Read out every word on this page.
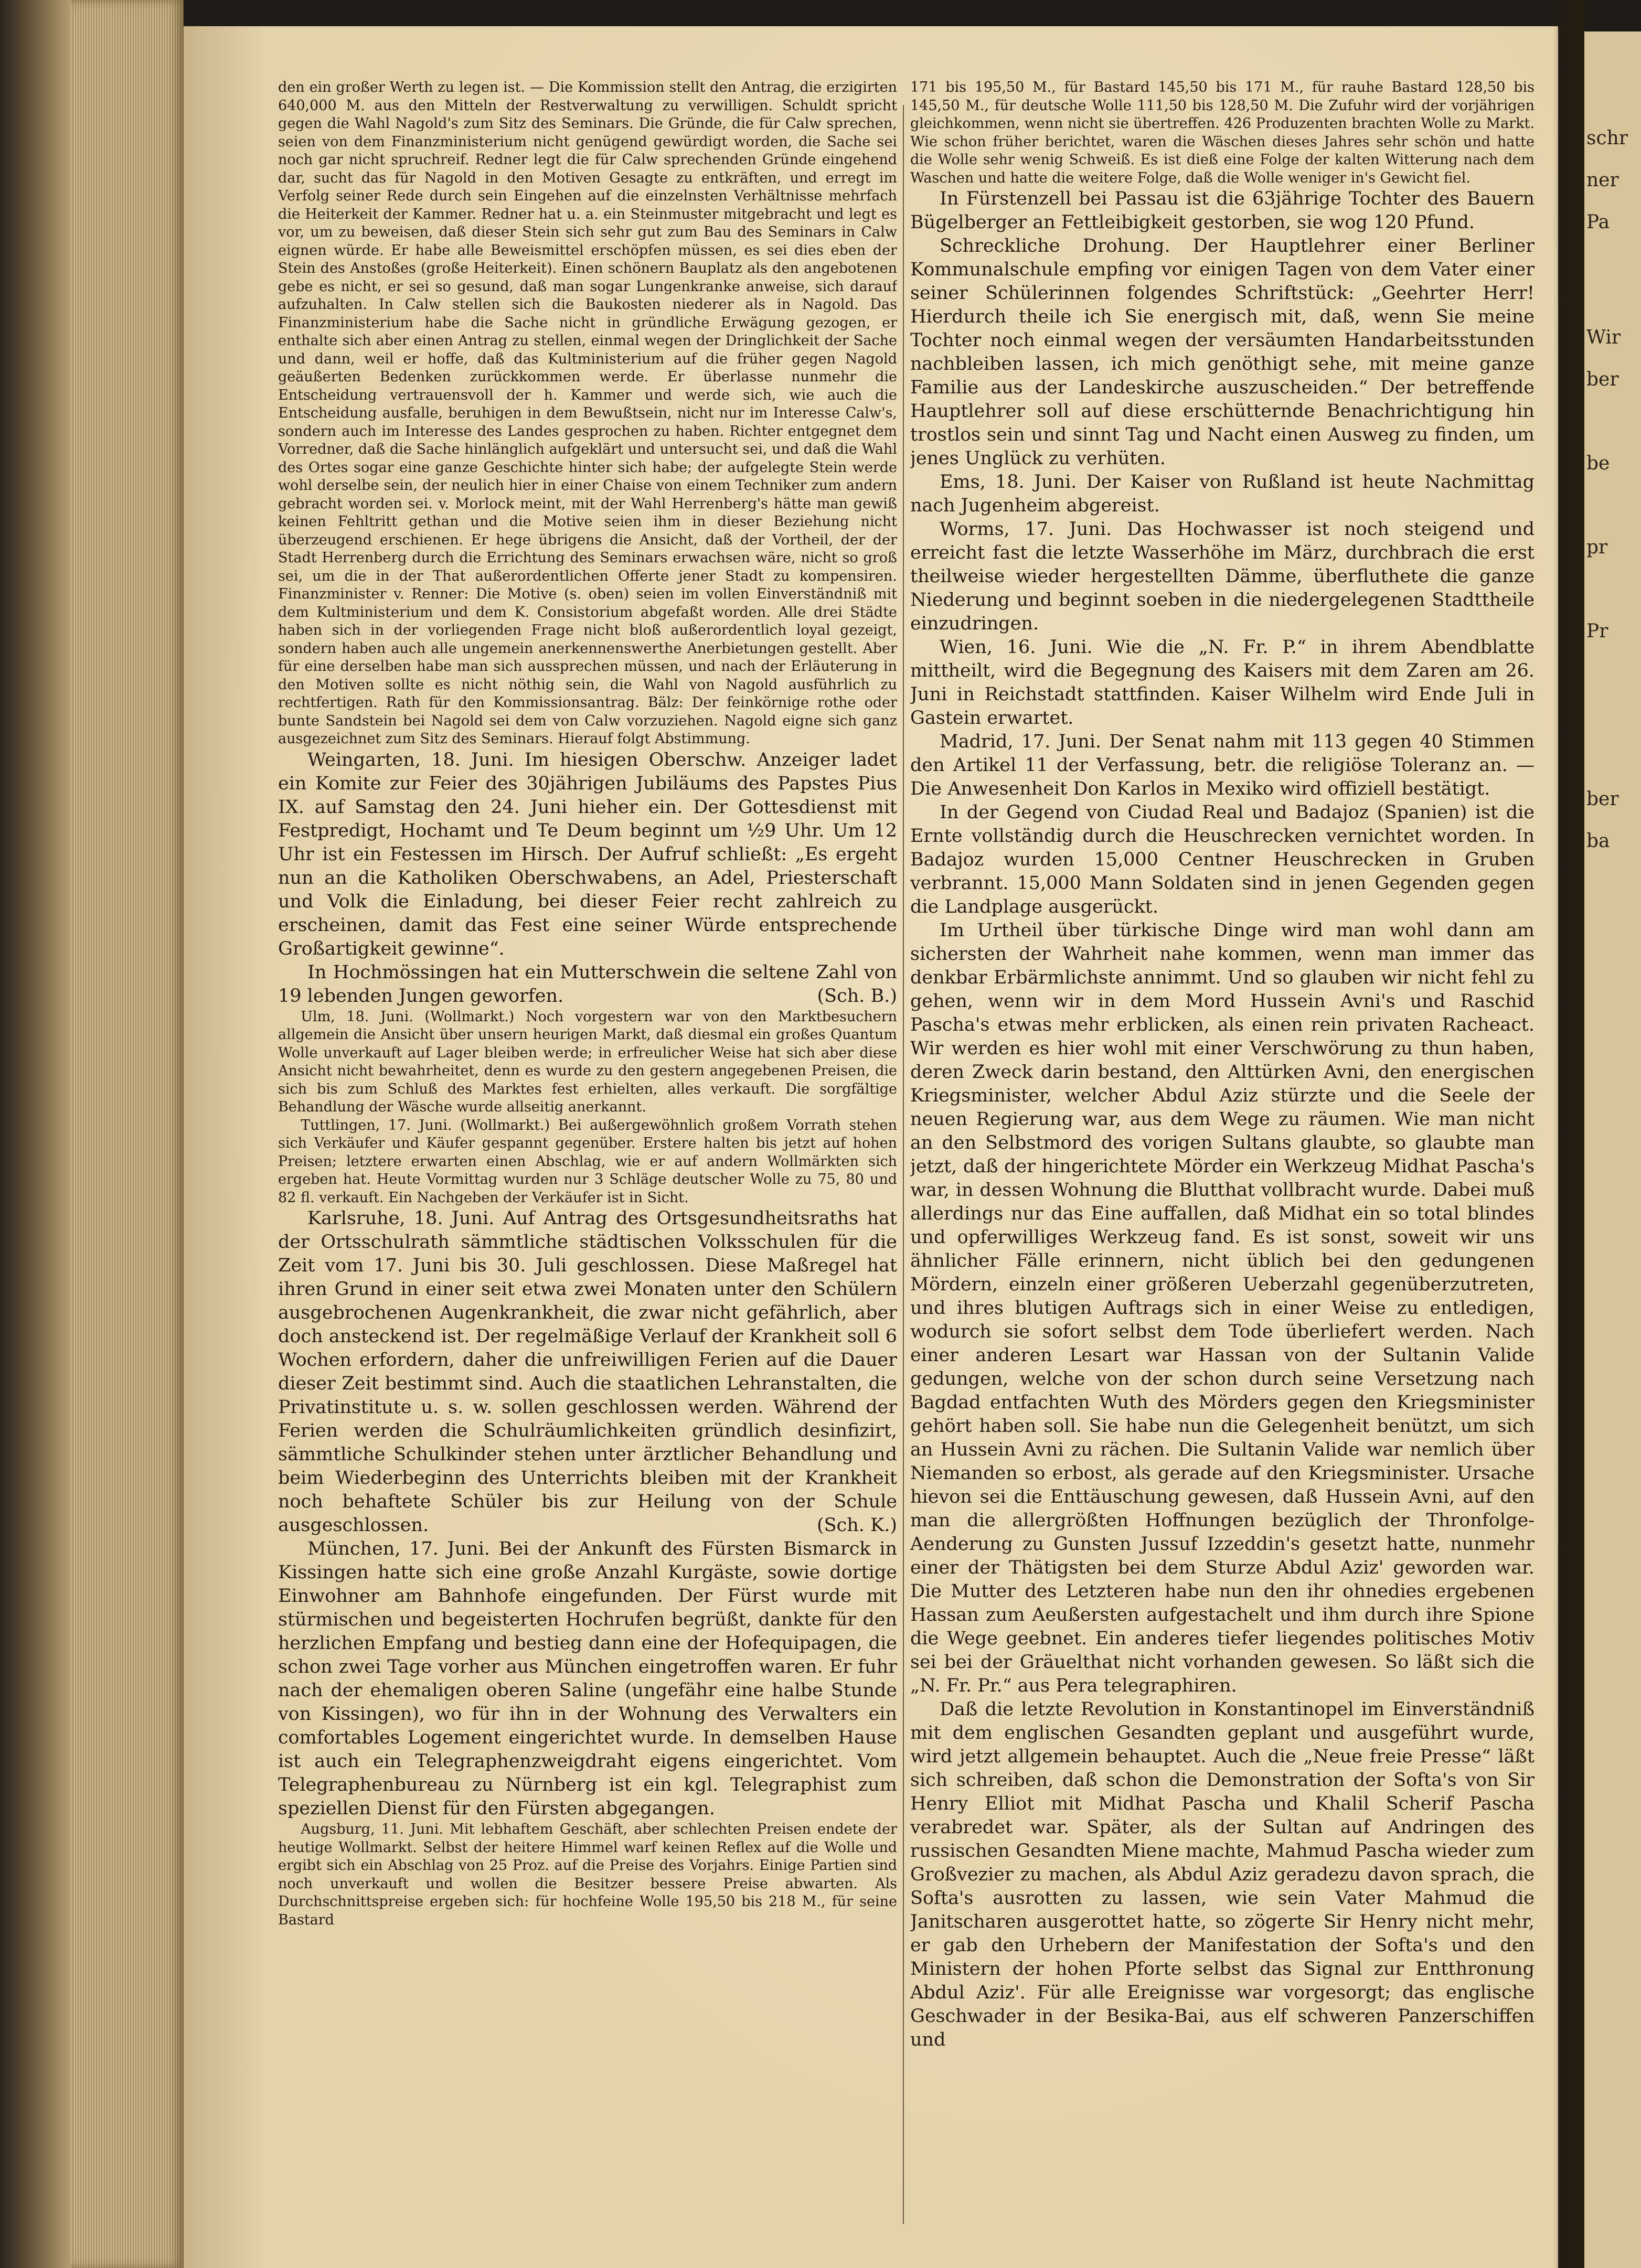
den ein großer Werth zu legen ist. — Die Kommission stellt den Antrag, die erzigirten 640,000 M. aus den Mitteln der Restverwaltung zu verwilligen. Schuldt spricht gegen die Wahl Nagold's zum Sitz des Seminars. Die Gründe, die für Calw sprechen, seien von dem Finanzministerium nicht genügend gewürdigt worden, die Sache sei noch gar nicht spruchreif. Redner legt die für Calw sprechenden Gründe eingehend dar, sucht das für Nagold in den Motiven Gesagte zu entkräften, und erregt im Verfolg seiner Rede durch sein Eingehen auf die einzelnsten Verhältnisse mehrfach die Heiterkeit der Kammer. Redner hat u. a. ein Steinmuster mitgebracht und legt es vor, um zu beweisen, daß dieser Stein sich sehr gut zum Bau des Seminars in Calw eignen würde. Er habe alle Beweismittel erschöpfen müssen, es sei dies eben der Stein des Anstoßes (große Heiterkeit). Einen schönern Bauplatz als den angebotenen gebe es nicht, er sei so gesund, daß man sogar Lungenkranke anweise, sich darauf aufzuhalten. In Calw stellen sich die Baukosten niederer als in Nagold. Das Finanzministerium habe die Sache nicht in gründliche Erwägung gezogen, er enthalte sich aber einen Antrag zu stellen, einmal wegen der Dringlichkeit der Sache und dann, weil er hoffe, daß das Kultministerium auf die früher gegen Nagold geäußerten Bedenken zurückkommen werde. Er überlasse nunmehr die Entscheidung vertrauensvoll der h. Kammer und werde sich, wie auch die Entscheidung ausfalle, beruhigen in dem Bewußtsein, nicht nur im Interesse Calw's, sondern auch im Interesse des Landes gesprochen zu haben. Richter entgegnet dem Vorredner, daß die Sache hinlänglich aufgeklärt und untersucht sei, und daß die Wahl des Ortes sogar eine ganze Geschichte hinter sich habe; der aufgelegte Stein werde wohl derselbe sein, der neulich hier in einer Chaise von einem Techniker zum andern gebracht worden sei. v. Morlock meint, mit der Wahl Herrenberg's hätte man gewiß keinen Fehltritt gethan und die Motive seien ihm in dieser Beziehung nicht überzeugend erschienen. Er hege übrigens die Ansicht, daß der Vortheil, der der Stadt Herrenberg durch die Errichtung des Seminars erwachsen wäre, nicht so groß sei, um die in der That außerordentlichen Offerte jener Stadt zu kompensiren. Finanzminister v. Renner: Die Motive (s. oben) seien im vollen Einverständniß mit dem Kultministerium und dem K. Consistorium abgefaßt worden. Alle drei Städte haben sich in der vorliegenden Frage nicht bloß außerordentlich loyal gezeigt, sondern haben auch alle ungemein anerkennenswerthe Anerbietungen gestellt. Aber für eine derselben habe man sich aussprechen müssen, und nach der Erläuterung in den Motiven sollte es nicht nöthig sein, die Wahl von Nagold ausführlich zu rechtfertigen. Rath für den Kommissionsantrag. Bälz: Der feinkörnige rothe oder bunte Sandstein bei Nagold sei dem von Calw vorzuziehen. Nagold eigne sich ganz ausgezeichnet zum Sitz des Seminars. Hierauf folgt Abstimmung.

Weingarten, 18. Juni. Im hiesigen Oberschw. Anzeiger ladet ein Komite zur Feier des 30jährigen Jubiläums des Papstes Pius IX. auf Samstag den 24. Juni hieher ein. Der Gottesdienst mit Festpredigt, Hochamt und Te Deum beginnt um ½9 Uhr. Um 12 Uhr ist ein Festessen im Hirsch. Der Aufruf schließt: „Es ergeht nun an die Katholiken Oberschwabens, an Adel, Priesterschaft und Volk die Einladung, bei dieser Feier recht zahlreich zu erscheinen, damit das Fest eine seiner Würde entsprechende Großartigkeit gewinne“.

In Hochmössingen hat ein Mutterschwein die seltene Zahl von 19 lebenden Jungen geworfen.	(Sch. B.)

Ulm, 18. Juni. (Wollmarkt.) Noch vorgestern war von den Marktbesuchern allgemein die Ansicht über unsern heurigen Markt, daß diesmal ein großes Quantum Wolle unverkauft auf Lager bleiben werde; in erfreulicher Weise hat sich aber diese Ansicht nicht bewahrheitet, denn es wurde zu den gestern angegebenen Preisen, die sich bis zum Schluß des Marktes fest erhielten, alles verkauft. Die sorgfältige Behandlung der Wäsche wurde allseitig anerkannt.

Tuttlingen, 17. Juni. (Wollmarkt.) Bei außergewöhnlich großem Vorrath stehen sich Verkäufer und Käufer gespannt gegenüber. Erstere halten bis jetzt auf hohen Preisen; letztere erwarten einen Abschlag, wie er auf andern Wollmärkten sich ergeben hat. Heute Vormittag wurden nur 3 Schläge deutscher Wolle zu 75, 80 und 82 fl. verkauft. Ein Nachgeben der Verkäufer ist in Sicht.

Karlsruhe, 18. Juni. Auf Antrag des Ortsgesundheitsraths hat der Ortsschulrath sämmtliche städtischen Volksschulen für die Zeit vom 17. Juni bis 30. Juli geschlossen. Diese Maßregel hat ihren Grund in einer seit etwa zwei Monaten unter den Schülern ausgebrochenen Augenkrankheit, die zwar nicht gefährlich, aber doch ansteckend ist. Der regelmäßige Verlauf der Krankheit soll 6 Wochen erfordern, daher die unfreiwilligen Ferien auf die Dauer dieser Zeit bestimmt sind. Auch die staatlichen Lehranstalten, die Privatinstitute u. s. w. sollen geschlossen werden. Während der Ferien werden die Schulräumlichkeiten gründlich desinfizirt, sämmtliche Schulkinder stehen unter ärztlicher Behandlung und beim Wiederbeginn des Unterrichts bleiben mit der Krankheit noch behaftete Schüler bis zur Heilung von der Schule ausgeschlossen.	(Sch. K.)

München, 17. Juni. Bei der Ankunft des Fürsten Bismarck in Kissingen hatte sich eine große Anzahl Kurgäste, sowie dortige Einwohner am Bahnhofe eingefunden. Der Fürst wurde mit stürmischen und begeisterten Hochrufen begrüßt, dankte für den herzlichen Empfang und bestieg dann eine der Hofequipagen, die schon zwei Tage vorher aus München eingetroffen waren. Er fuhr nach der ehemaligen oberen Saline (ungefähr eine halbe Stunde von Kissingen), wo für ihn in der Wohnung des Verwalters ein comfortables Logement eingerichtet wurde. In demselben Hause ist auch ein Telegraphenzweigdraht eigens eingerichtet. Vom Telegraphenbureau zu Nürnberg ist ein kgl. Telegraphist zum speziellen Dienst für den Fürsten abgegangen.

Augsburg, 11. Juni. Mit lebhaftem Geschäft, aber schlechten Preisen endete der heutige Wollmarkt. Selbst der heitere Himmel warf keinen Reflex auf die Wolle und ergibt sich ein Abschlag von 25 Proz. auf die Preise des Vorjahrs. Einige Partien sind noch unverkauft und wollen die Besitzer bessere Preise abwarten. Als Durchschnittspreise ergeben sich: für hochfeine Wolle 195,50 bis 218 M., für seine Bastard

171 bis 195,50 M., für Bastard 145,50 bis 171 M., für rauhe Bastard 128,50 bis 145,50 M., für deutsche Wolle 111,50 bis 128,50 M. Die Zufuhr wird der vorjährigen gleichkommen, wenn nicht sie übertreffen. 426 Produzenten brachten Wolle zu Markt. Wie schon früher berichtet, waren die Wäschen dieses Jahres sehr schön und hatte die Wolle sehr wenig Schweiß. Es ist dieß eine Folge der kalten Witterung nach dem Waschen und hatte die weitere Folge, daß die Wolle weniger in's Gewicht fiel.

In Fürstenzell bei Passau ist die 63jährige Tochter des Bauern Bügelberger an Fettleibigkeit gestorben, sie wog 120 Pfund.

Schreckliche Drohung. Der Hauptlehrer einer Berliner Kommunalschule empfing vor einigen Tagen von dem Vater einer seiner Schülerinnen folgendes Schriftstück: „Geehrter Herr! Hierdurch theile ich Sie energisch mit, daß, wenn Sie meine Tochter noch einmal wegen der versäumten Handarbeitsstunden nachbleiben lassen, ich mich genöthigt sehe, mit meine ganze Familie aus der Landeskirche auszuscheiden.“ Der betreffende Hauptlehrer soll auf diese erschütternde Benachrichtigung hin trostlos sein und sinnt Tag und Nacht einen Ausweg zu finden, um jenes Unglück zu verhüten.

Ems, 18. Juni. Der Kaiser von Rußland ist heute Nachmittag nach Jugenheim abgereist.

Worms, 17. Juni. Das Hochwasser ist noch steigend und erreicht fast die letzte Wasserhöhe im März, durchbrach die erst theilweise wieder hergestellten Dämme, überfluthete die ganze Niederung und beginnt soeben in die niedergelegenen Stadttheile einzudringen.

Wien, 16. Juni. Wie die „N. Fr. P.“ in ihrem Abendblatte mittheilt, wird die Begegnung des Kaisers mit dem Zaren am 26. Juni in Reichstadt stattfinden. Kaiser Wilhelm wird Ende Juli in Gastein erwartet.

Madrid, 17. Juni. Der Senat nahm mit 113 gegen 40 Stimmen den Artikel 11 der Verfassung, betr. die religiöse Toleranz an. — Die Anwesenheit Don Karlos in Mexiko wird offiziell bestätigt.

In der Gegend von Ciudad Real und Badajoz (Spanien) ist die Ernte vollständig durch die Heuschrecken vernichtet worden. In Badajoz wurden 15,000 Centner Heuschrecken in Gruben verbrannt. 15,000 Mann Soldaten sind in jenen Gegenden gegen die Landplage ausgerückt.

Im Urtheil über türkische Dinge wird man wohl dann am sichersten der Wahrheit nahe kommen, wenn man immer das denkbar Erbärmlichste annimmt. Und so glauben wir nicht fehl zu gehen, wenn wir in dem Mord Hussein Avni's und Raschid Pascha's etwas mehr erblicken, als einen rein privaten Racheact. Wir werden es hier wohl mit einer Verschwörung zu thun haben, deren Zweck darin bestand, den Alttürken Avni, den energischen Kriegsminister, welcher Abdul Aziz stürzte und die Seele der neuen Regierung war, aus dem Wege zu räumen. Wie man nicht an den Selbstmord des vorigen Sultans glaubte, so glaubte man jetzt, daß der hingerichtete Mörder ein Werkzeug Midhat Pascha's war, in dessen Wohnung die Blutthat vollbracht wurde. Dabei muß allerdings nur das Eine auffallen, daß Midhat ein so total blindes und opferwilliges Werkzeug fand. Es ist sonst, soweit wir uns ähnlicher Fälle erinnern, nicht üblich bei den gedungenen Mördern, einzeln einer größeren Ueberzahl gegenüberzutreten, und ihres blutigen Auftrags sich in einer Weise zu entledigen, wodurch sie sofort selbst dem Tode überliefert werden. Nach einer anderen Lesart war Hassan von der Sultanin Valide gedungen, welche von der schon durch seine Versetzung nach Bagdad entfachten Wuth des Mörders gegen den Kriegsminister gehört haben soll. Sie habe nun die Gelegenheit benützt, um sich an Hussein Avni zu rächen. Die Sultanin Valide war nemlich über Niemanden so erbost, als gerade auf den Kriegsminister. Ursache hievon sei die Enttäuschung gewesen, daß Hussein Avni, auf den man die allergrößten Hoffnungen bezüglich der Thronfolge-Aenderung zu Gunsten Jussuf Izzeddin's gesetzt hatte, nunmehr einer der Thätigsten bei dem Sturze Abdul Aziz' geworden war. Die Mutter des Letzteren habe nun den ihr ohnedies ergebenen Hassan zum Aeußersten aufgestachelt und ihm durch ihre Spione die Wege geebnet. Ein anderes tiefer liegendes politisches Motiv sei bei der Gräuelthat nicht vorhanden gewesen. So läßt sich die „N. Fr. Pr.“ aus Pera telegraphiren.

Daß die letzte Revolution in Konstantinopel im Einverständniß mit dem englischen Gesandten geplant und ausgeführt wurde, wird jetzt allgemein behauptet. Auch die „Neue freie Presse“ läßt sich schreiben, daß schon die Demonstration der Softa's von Sir Henry Elliot mit Midhat Pascha und Khalil Scherif Pascha verabredet war. Später, als der Sultan auf Andringen des russischen Gesandten Miene machte, Mahmud Pascha wieder zum Großvezier zu machen, als Abdul Aziz geradezu davon sprach, die Softa's ausrotten zu lassen, wie sein Vater Mahmud die Janitscharen ausgerottet hatte, so zögerte Sir Henry nicht mehr, er gab den Urhebern der Manifestation der Softa's und den Ministern der hohen Pforte selbst das Signal zur Entthronung Abdul Aziz'. Für alle Ereignisse war vorgesorgt; das englische Geschwader in der Besika-Bai, aus elf schweren Panzerschiffen und

schr
ner
Pa
Wir
ber
be
pr
Pr
ber
ba
